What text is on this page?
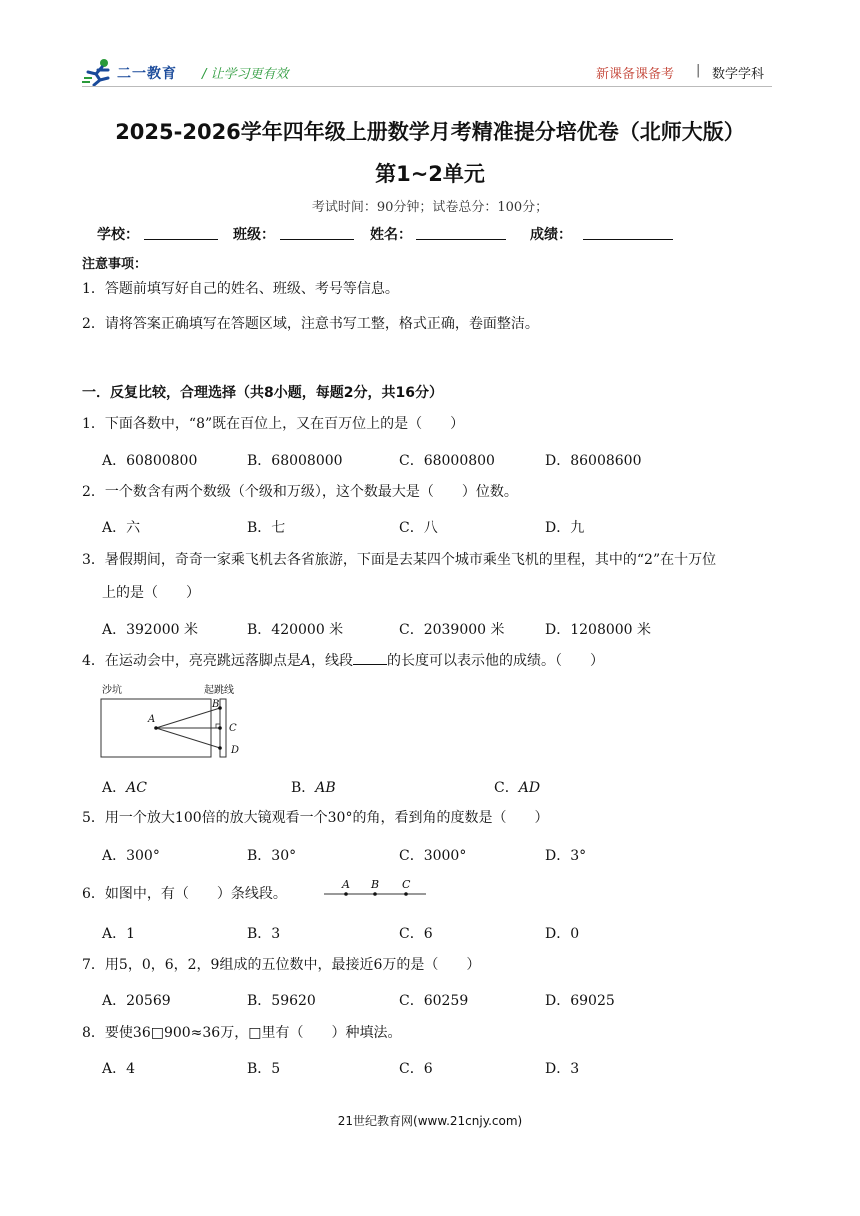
二一教育 / 让学习更有效	新课备课备考 | 数学学科
2025-2026学年四年级上册数学月考精准提分培优卷（北师大版）
第1~2单元
考试时间：90分钟；试卷总分：100分；
学校：	班级：	姓名：	成绩：
注意事项：
1．答题前填写好自己的姓名、班级、考号等信息。
2．请将答案正确填写在答题区域，注意书写工整，格式正确，卷面整洁。
一．反复比较，合理选择（共8小题，每题2分，共16分）
1．下面各数中，“8”既在百位上，又在百万位上的是（　　）
A．60800800	B．68008000	C．68000800	D．86008600
2．一个数含有两个数级（个级和万级），这个数最大是（　　）位数。
A．六	B．七	C．八	D．九
3．暑假期间，奇奇一家乘飞机去各省旅游，下面是去某四个城市乘坐飞机的里程，其中的“2”在十万位
上的是（　　）
A．392000 米	B．420000 米	C．2039000 米	D．1208000 米
4．在运动会中，亮亮跳远落脚点是A，线段 的长度可以表示他的成绩。（　　）
沙坑	起跳线
A
B
C
D
A．AC	B．AB	C．AD
5．用一个放大100倍的放大镜观看一个30°的角，看到角的度数是（　　）
A．300°	B．30°	C．3000°	D．3°
6．如图中，有（　　）条线段。
A B C
A．1	B．3	C．6	D．0
7．用5，0，6，2，9组成的五位数中，最接近6万的是（　　）
A．20569	B．59620	C．60259	D．69025
8．要使36□900≈36万，□里有（　　）种填法。
A．4	B．5	C．6	D．3
21世纪教育网(www.21cnjy.com)
